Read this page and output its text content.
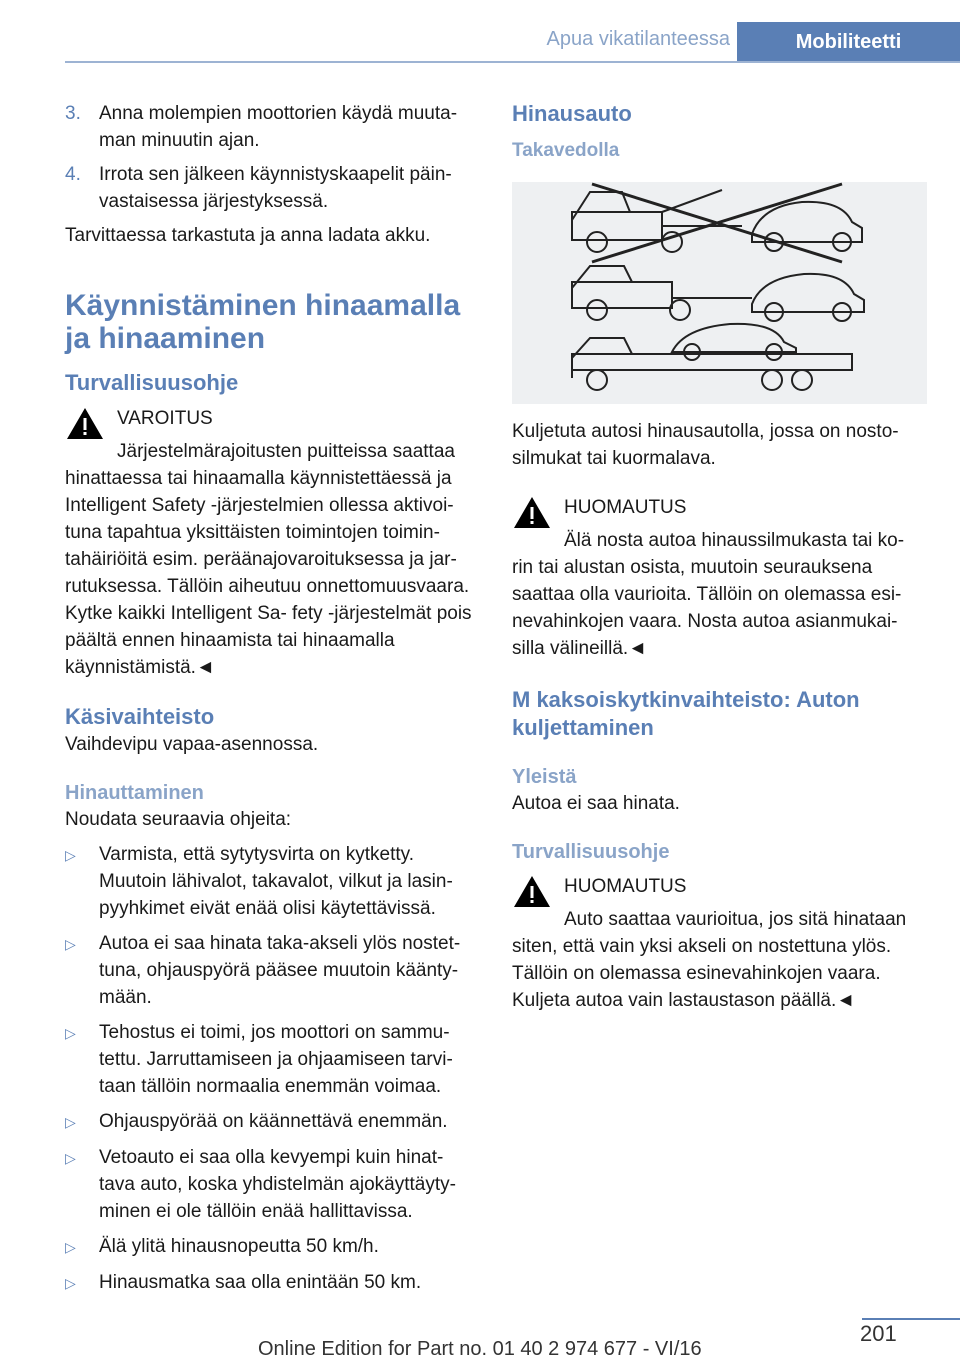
Apua vikatilanteessa	Mobiliteetti
3. Anna molempien moottorien käydä muuta‐ man minuutin ajan.
4. Irrota sen jälkeen käynnistyskaapelit päin‐ vastaisessa järjestyksessä.

Tarvittaessa tarkastuta ja anna ladata akku.

Käynnistäminen hinaamalla ja hinaaminen
Turvallisuusohje
VAROITUS
Järjestelmärajoitusten puitteissa saattaa hinattaessa tai hinaamalla käynnistettäessä ja Intelligent Safety -järjestelmien ollessa aktivoi‐ tuna tapahtua yksittäisten toimintojen toimin‐ tahäiriöitä esim. peräänajovaroituksessa ja jar‐ rutuksessa. Tällöin aiheutuu onnettomuusvaara. Kytke kaikki Intelligent Sa‐ fety -järjestelmät pois päältä ennen hinaamista tai hinaamalla käynnistämistä.◄
Käsivaihteisto

Vaihdevipu vapaa-asennossa.

Hinauttaminen

Noudata seuraavia ohjeita:

▷	Varmista, että sytytysvirta on kytketty. Muutoin lähivalot, takavalot, vilkut ja lasin‐ pyyhkimet eivät enää olisi käytettävissä.
▷	Autoa ei saa hinata taka-akseli ylös nostet‐ tuna, ohjauspyörä pääsee muutoin käänty‐ mään.
▷	Tehostus ei toimi, jos moottori on sammu‐ tettu. Jarruttamiseen ja ohjaamiseen tarvi‐ taan tällöin normaalia enemmän voimaa.
▷	Ohjauspyörää on käännettävä enemmän.
▷	Vetoauto ei saa olla kevyempi kuin hinat‐ tava auto, koska yhdistelmän ajokäyttäyty‐ minen ei ole tällöin enää hallittavissa.
▷	Älä ylitä hinausnopeutta 50 km/h.
▷	Hinausmatka saa olla enintään 50 km.
Hinausauto
Takavedolla

Kuljetuta autosi hinausautolla, jossa on nosto‐ silmukat tai kuormalava.

HUOMAUTUS
Älä nosta autoa hinaussilmukasta tai ko‐ rin tai alustan osista, muutoin seurauksena saattaa olla vaurioita. Tällöin on olemassa esi‐ nevahinkojen vaara. Nosta autoa asianmukai‐ silla välineillä.◄
M kaksoiskytkinvaihteisto: Auton kuljettaminen
Yleistä

Autoa ei saa hinata.

Turvallisuusohje
HUOMAUTUS
Auto saattaa vaurioitua, jos sitä hinataan siten, että vain yksi akseli on nostettuna ylös. Tällöin on olemassa esinevahinkojen vaara. Kuljeta autoa vain lastaustason päällä.◄
201
Online Edition for Part no. 01 40 2 974 677 - VI/16
